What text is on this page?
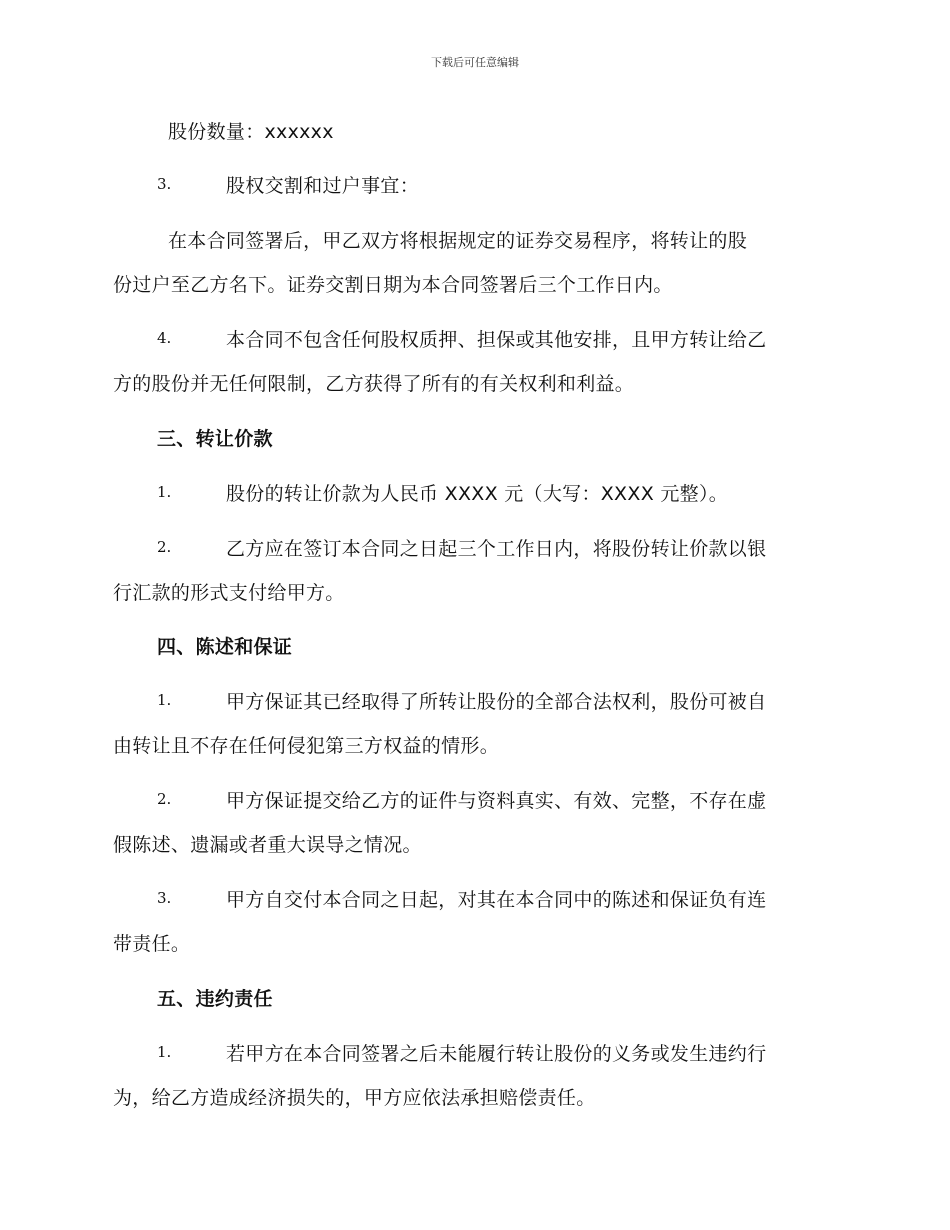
下载后可任意编辑
股份数量：xxxxxx
3.	股权交割和过户事宜：
在本合同签署后，甲乙双方将根据规定的证券交易程序，将转让的股
份过户至乙方名下。证券交割日期为本合同签署后三个工作日内。
4.	本合同不包含任何股权质押、担保或其他安排，且甲方转让给乙
方的股份并无任何限制，乙方获得了所有的有关权利和利益。
三、转让价款
1.	股份的转让价款为人民币 XXXX 元（大写：XXXX 元整）。
2.	乙方应在签订本合同之日起三个工作日内，将股份转让价款以银
行汇款的形式支付给甲方。
四、陈述和保证
1.	甲方保证其已经取得了所转让股份的全部合法权利，股份可被自
由转让且不存在任何侵犯第三方权益的情形。
2.	甲方保证提交给乙方的证件与资料真实、有效、完整，不存在虚
假陈述、遗漏或者重大误导之情况。
3.	甲方自交付本合同之日起，对其在本合同中的陈述和保证负有连
带责任。
五、违约责任
1.	若甲方在本合同签署之后未能履行转让股份的义务或发生违约行
为，给乙方造成经济损失的，甲方应依法承担赔偿责任。
